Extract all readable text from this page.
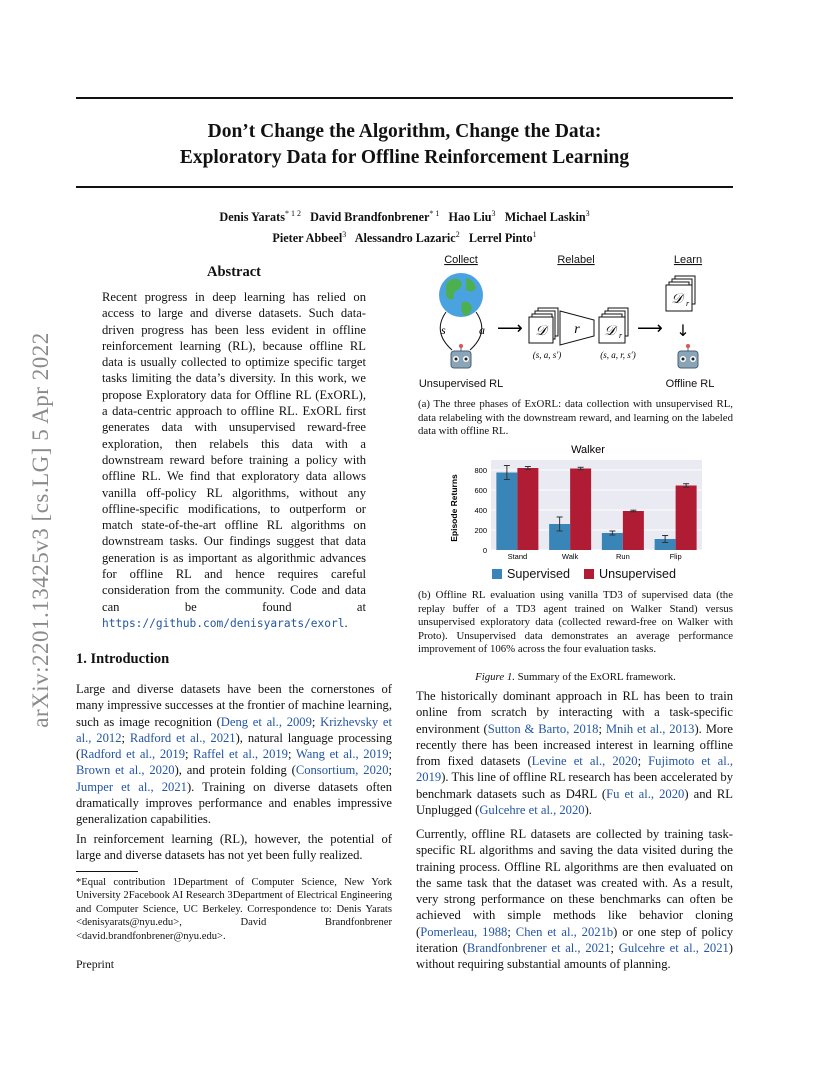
arXiv:2201.13425v3 [cs.LG] 5 Apr 2022
Don’t Change the Algorithm, Change the Data:
Exploratory Data for Offline Reinforcement Learning
Denis Yarats$^{* 1 2}$ David Brandfonbrener$^{* 1}$ Hao Liu$^3$ Michael Laskin$^3$
Pieter Abbeel$^3$ Alessandro Lazaric$^2$ Lerrel Pinto$^1$
Abstract
Recent progress in deep learning has relied on access to large and diverse datasets. Such data-driven progress has been less evident in offline reinforcement learning (RL), because offline RL data is usually collected to optimize specific target tasks limiting the data’s diversity. In this work, we propose Exploratory data for Offline RL (ExORL), a data-centric approach to offline RL. ExORL first generates data with unsupervised reward-free exploration, then relabels this data with a downstream reward before training a policy with offline RL. We find that exploratory data allows vanilla off-policy RL algorithms, without any offline-specific modifications, to outperform or match state-of-the-art offline RL algorithms on downstream tasks. Our findings suggest that data generation is as important as algorithmic advances for offline RL and hence requires careful consideration from the community. Code and data can be found at https://github.com/denisyarats/exorl.
1. Introduction
Large and diverse datasets have been the cornerstones of many impressive successes at the frontier of machine learning, such as image recognition (Deng et al., 2009; Krizhevsky et al., 2012; Radford et al., 2021), natural language processing (Radford et al., 2019; Raffel et al., 2019; Wang et al., 2019; Brown et al., 2020), and protein folding (Consortium, 2020; Jumper et al., 2021). Training on diverse datasets often dramatically improves performance and enables impressive generalization capabilities.
In reinforcement learning (RL), however, the potential of large and diverse datasets has not yet been fully realized.
*Equal contribution 1Department of Computer Science, New York University 2Facebook AI Research 3Department of Electrical Engineering and Computer Science, UC Berkeley. Correspondence to: Denis Yarats <denisyarats@nyu.edu>, David Brandfonbrener <david.brandfonbrener@nyu.edu>.
Preprint
Collect	Relabel	Learn
Unsupervised RL	Offline RL
s	a ⟶ 𝒟
(s, a, s′)
r 𝒟 r
(s, a, r, s′)
⟶
𝒟 r
↓
(a) The three phases of ExORL: data collection with unsupervised RL, data relabeling with the downstream reward, and learning on the labeled data with offline RL.
Walker
Episode Returns
0
200
400
600
800
Stand	Walk	Run	Flip
Supervised Unsupervised
(b) Offline RL evaluation using vanilla TD3 of supervised data (the replay buffer of a TD3 agent trained on Walker Stand) versus unsupervised exploratory data (collected reward-free on Walker with Proto). Unsupervised data demonstrates an average performance improvement of 106% across the four evaluation tasks.
Figure 1. Summary of the ExORL framework.
The historically dominant approach in RL has been to train online from scratch by interacting with a task-specific environment (Sutton & Barto, 2018; Mnih et al., 2013). More recently there has been increased interest in learning offline from fixed datasets (Levine et al., 2020; Fujimoto et al., 2019). This line of offline RL research has been accelerated by benchmark datasets such as D4RL (Fu et al., 2020) and RL Unplugged (Gulcehre et al., 2020).
Currently, offline RL datasets are collected by training task-specific RL algorithms and saving the data visited during the training process. Offline RL algorithms are then evaluated on the same task that the dataset was created with. As a result, very strong performance on these benchmarks can often be achieved with simple methods like behavior cloning (Pomerleau, 1988; Chen et al., 2021b) or one step of policy iteration (Brandfonbrener et al., 2021; Gulcehre et al., 2021) without requiring substantial amounts of planning.
